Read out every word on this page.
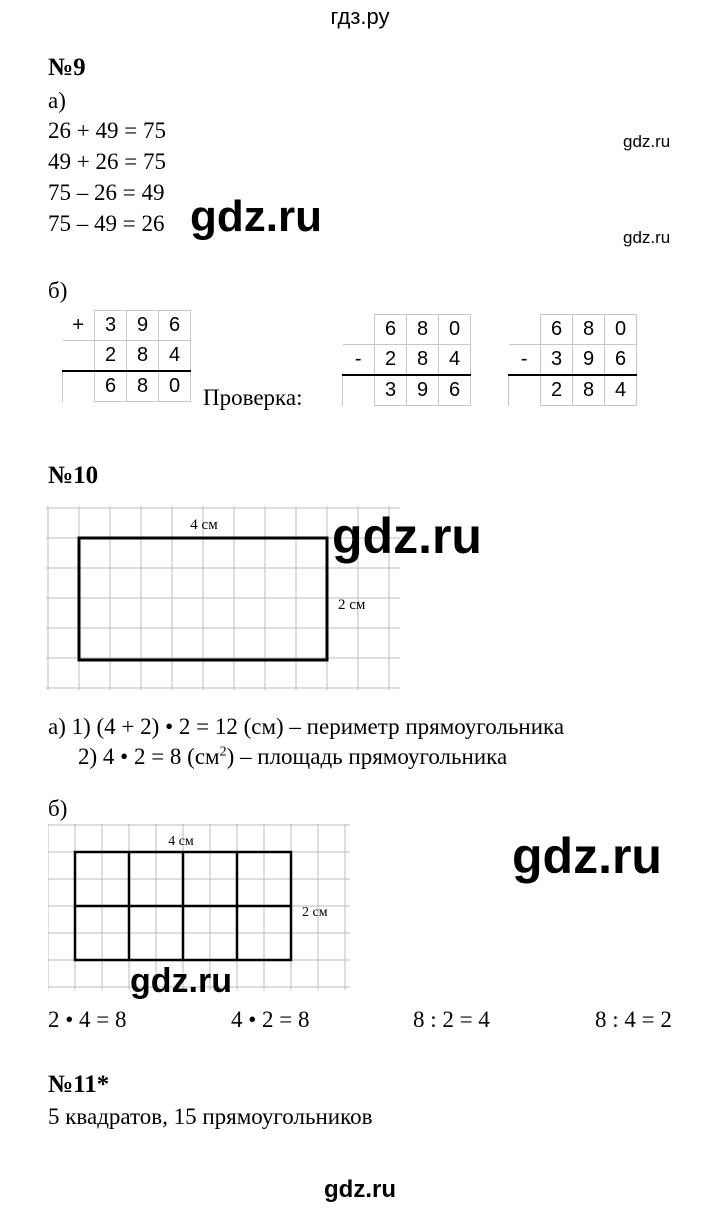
гдз.ру
№9
а)
26 + 49 = 75
49 + 26 = 75
75 – 26 = 49
75 – 49 = 26
gdz.ru
gdz.ru
gdz.ru
б)
+	3	9	6
	2	8	4
	6	8	0 Проверка:
	6	8	0
-	2	8	4
	3	9	6
	6	8	0
-	3	9	6
	2	8	4
№10
4 см
2 см
gdz.ru
а) 1) (4 + 2) • 2 = 12 (см) – периметр прямоугольника
2) 4 • 2 = 8 $(см^2)$ – площадь прямоугольника
б)
4 см
2 см
gdz.ru
gdz.ru
2 • 4 = 8	4 • 2 = 8	8 : 2 = 4	8 : 4 = 2
№11*
5 квадратов, 15 прямоугольников
gdz.ru
